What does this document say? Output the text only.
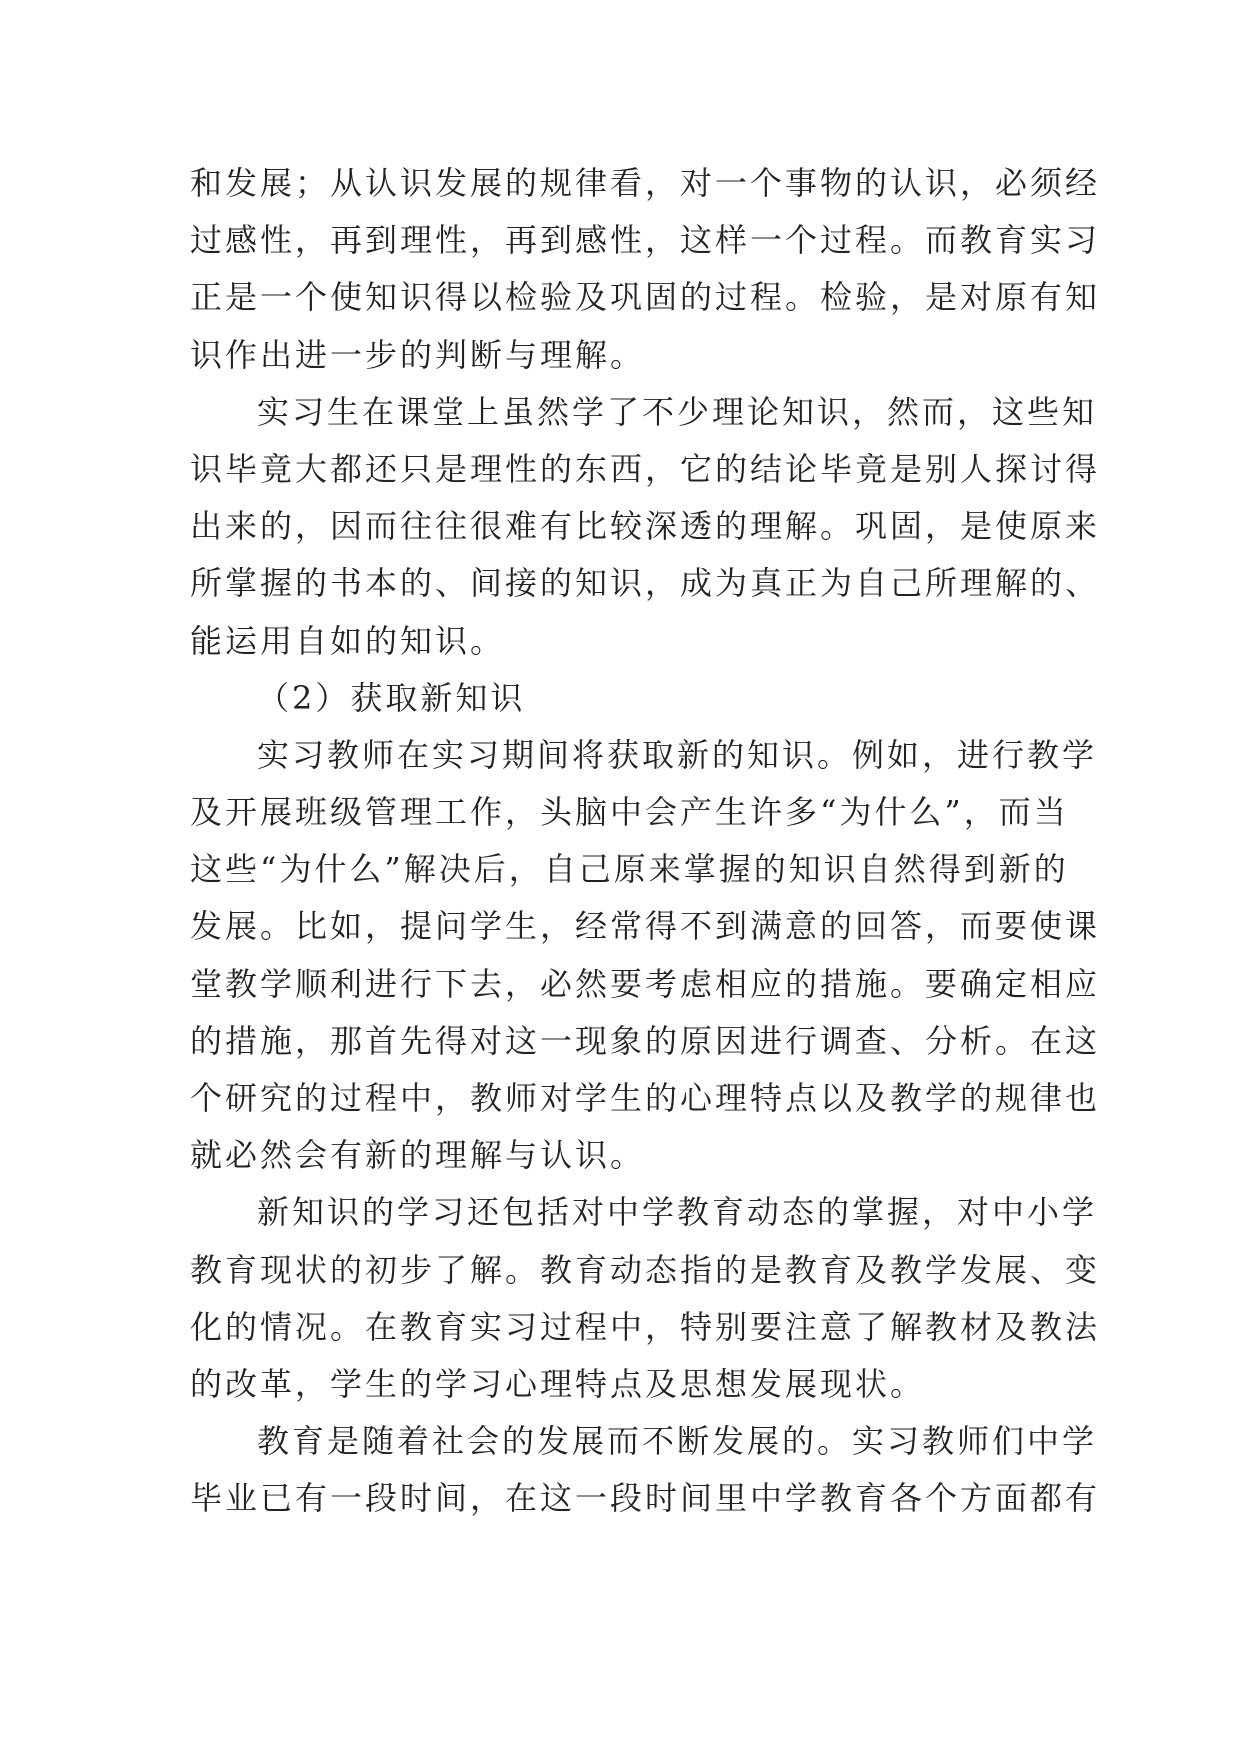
和发展；从认识发展的规律看，对一个事物的认识，必须经
过感性，再到理性，再到感性，这样一个过程。而教育实习
正是一个使知识得以检验及巩固的过程。检验，是对原有知
识作出进一步的判断与理解。
实习生在课堂上虽然学了不少理论知识，然而，这些知
识毕竟大都还只是理性的东西，它的结论毕竟是别人探讨得
出来的，因而往往很难有比较深透的理解。巩固，是使原来
所掌握的书本的、间接的知识，成为真正为自己所理解的、
能运用自如的知识。
（2）获取新知识
实习教师在实习期间将获取新的知识。例如，进行教学
及开展班级管理工作，头脑中会产生许多“为什么”，而当
这些“为什么”解决后，自己原来掌握的知识自然得到新的
发展。比如，提问学生，经常得不到满意的回答，而要使课
堂教学顺利进行下去，必然要考虑相应的措施。要确定相应
的措施，那首先得对这一现象的原因进行调查、分析。在这
个研究的过程中，教师对学生的心理特点以及教学的规律也
就必然会有新的理解与认识。
新知识的学习还包括对中学教育动态的掌握，对中小学
教育现状的初步了解。教育动态指的是教育及教学发展、变
化的情况。在教育实习过程中，特别要注意了解教材及教法
的改革，学生的学习心理特点及思想发展现状。
教育是随着社会的发展而不断发展的。实习教师们中学
毕业已有一段时间，在这一段时间里中学教育各个方面都有
